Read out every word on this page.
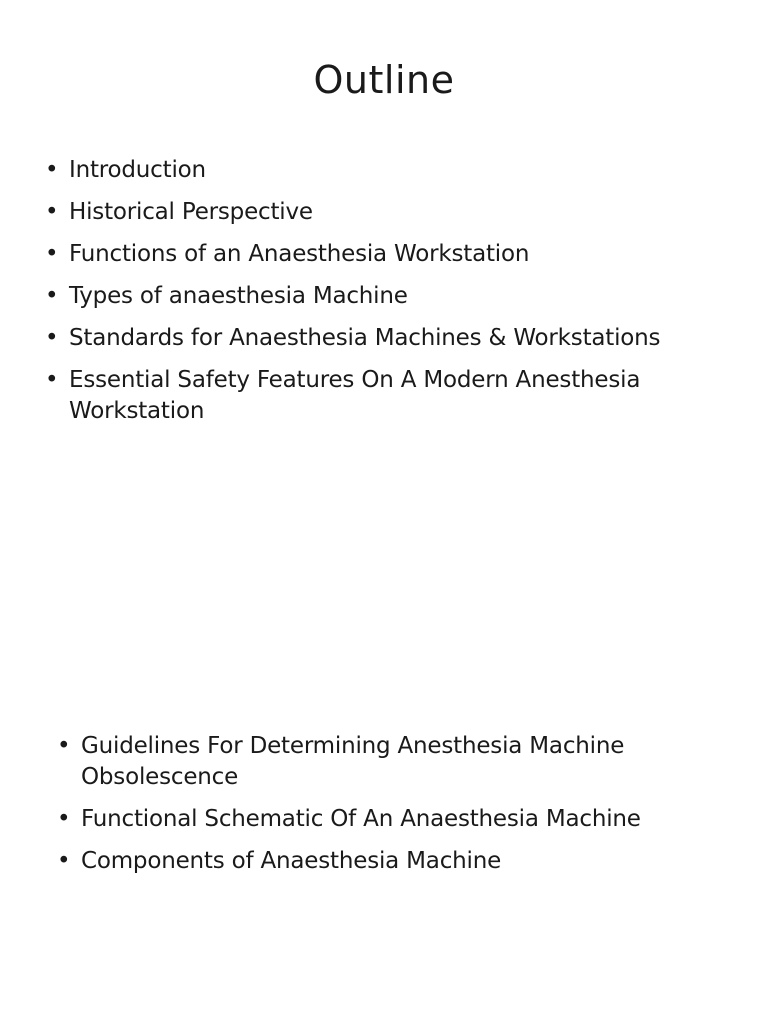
Outline
• Introduction
• Historical Perspective
• Functions of an Anaesthesia Workstation
• Types of anaesthesia Machine
• Standards for Anaesthesia Machines & Workstations
• Essential Safety Features On A Modern Anesthesia Workstation
• Guidelines For Determining Anesthesia Machine Obsolescence
• Functional Schematic Of An Anaesthesia Machine
• Components of Anaesthesia Machine
